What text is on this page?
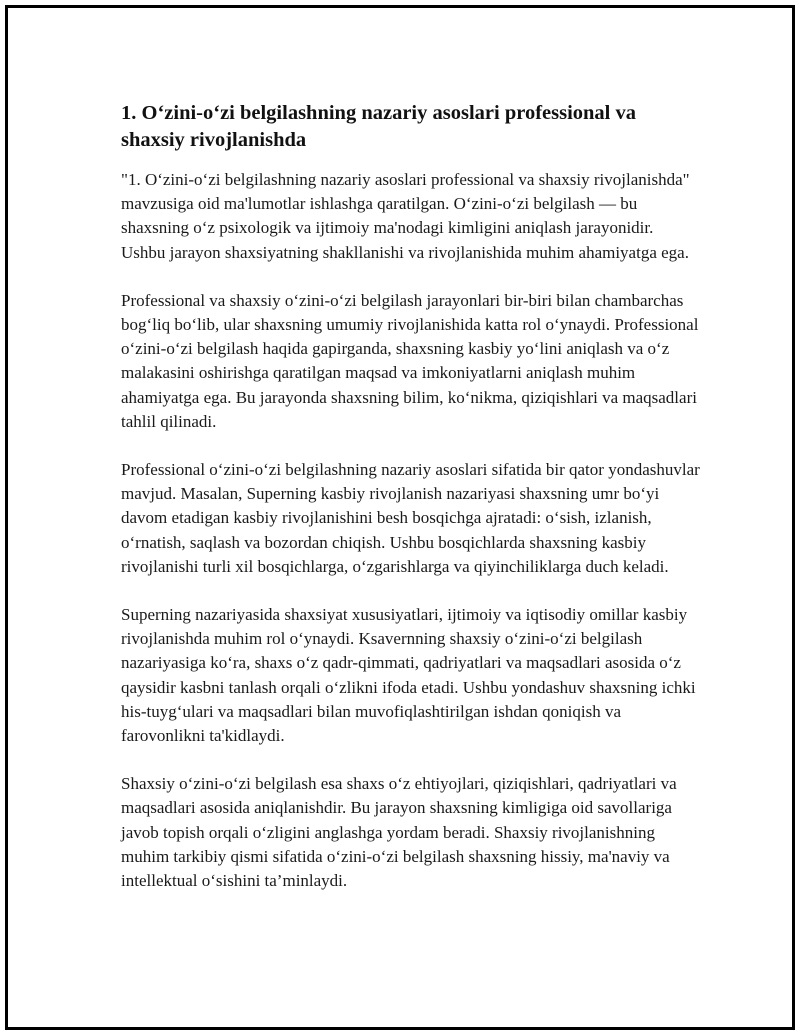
1. O‘zini-o‘zi belgilashning nazariy asoslari professional va shaxsiy rivojlanishda

"1. O‘zini-o‘zi belgilashning nazariy asoslari professional va shaxsiy rivojlanishda" mavzusiga oid ma'lumotlar ishlashga qaratilgan. O‘zini-o‘zi belgilash — bu shaxsning o‘z psixologik va ijtimoiy ma'nodagi kimligini aniqlash jarayonidir. Ushbu jarayon shaxsiyatning shakllanishi va rivojlanishida muhim ahamiyatga ega.

Professional va shaxsiy o‘zini-o‘zi belgilash jarayonlari bir-biri bilan chambarchas bog‘liq bo‘lib, ular shaxsning umumiy rivojlanishida katta rol o‘ynaydi. Professional o‘zini-o‘zi belgilash haqida gapirganda, shaxsning kasbiy yo‘lini aniqlash va o‘z malakasini oshirishga qaratilgan maqsad va imkoniyatlarni aniqlash muhim ahamiyatga ega. Bu jarayonda shaxsning bilim, ko‘nikma, qiziqishlari va maqsadlari tahlil qilinadi.

Professional o‘zini-o‘zi belgilashning nazariy asoslari sifatida bir qator yondashuvlar mavjud. Masalan, Superning kasbiy rivojlanish nazariyasi shaxsning umr bo‘yi davom etadigan kasbiy rivojlanishini besh bosqichga ajratadi: o‘sish, izlanish, o‘rnatish, saqlash va bozordan chiqish. Ushbu bosqichlarda shaxsning kasbiy rivojlanishi turli xil bosqichlarga, o‘zgarishlarga va qiyinchiliklarga duch keladi.

Superning nazariyasida shaxsiyat xususiyatlari, ijtimoiy va iqtisodiy omillar kasbiy rivojlanishda muhim rol o‘ynaydi. Ksavernning shaxsiy o‘zini-o‘zi belgilash nazariyasiga ko‘ra, shaxs o‘z qadr-qimmati, qadriyatlari va maqsadlari asosida o‘z qaysidir kasbni tanlash orqali o‘zlikni ifoda etadi. Ushbu yondashuv shaxsning ichki his-tuyg‘ulari va maqsadlari bilan muvofiqlashtirilgan ishdan qoniqish va farovonlikni ta'kidlaydi.

Shaxsiy o‘zini-o‘zi belgilash esa shaxs o‘z ehtiyojlari, qiziqishlari, qadriyatlari va maqsadlari asosida aniqlanishdir. Bu jarayon shaxsning kimligiga oid savollariga javob topish orqali o‘zligini anglashga yordam beradi. Shaxsiy rivojlanishning muhim tarkibiy qismi sifatida o‘zini-o‘zi belgilash shaxsning hissiy, ma'naviy va intellektual o‘sishini ta’minlaydi.
